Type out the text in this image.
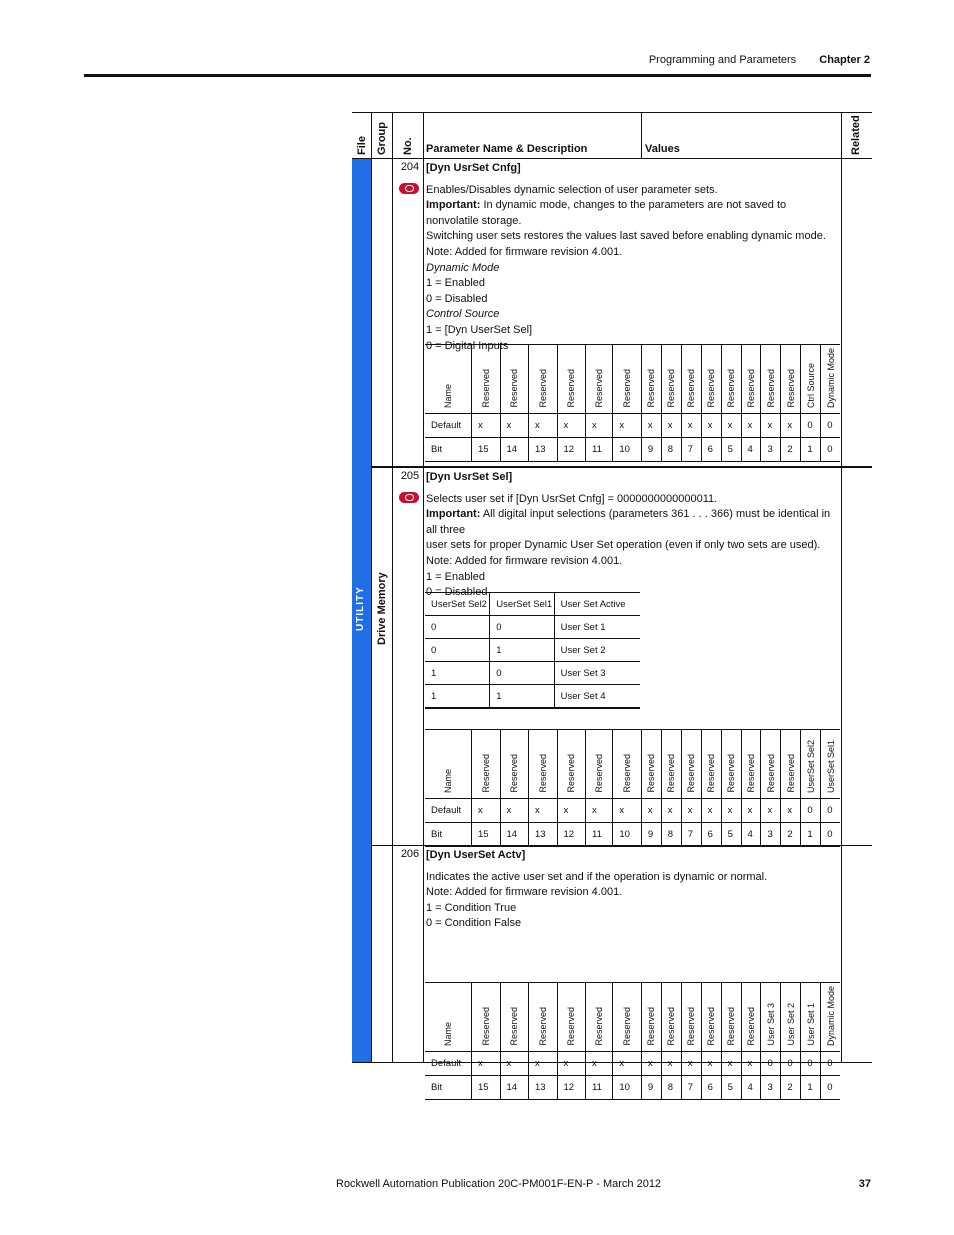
Programming and Parameters Chapter 2
File Group No. Parameter Name & Description	Values	Related
UTILITY Drive Memory
204 [Dyn UsrSet Cnfg]
Enables/Disables dynamic selection of user parameter sets.
Important: In dynamic mode, changes to the parameters are not saved to nonvolatile storage.
Switching user sets restores the values last saved before enabling dynamic mode.
Note: Added for firmware revision 4.001.
Dynamic Mode
1 = Enabled
0 = Disabled
Control Source
1 = [Dyn UserSet Sel]
0 = Digital Inputs
Name	Reserved	Reserved	Reserved	Reserved	Reserved	Reserved	Reserved	Reserved	Reserved	Reserved	Reserved	Reserved	Reserved	Reserved	Ctrl Source	Dynamic Mode

Default	x	x	x	x	x	x	x	x	x	x	x	x	x	x	0	0
Bit	15	14	13	12	11	10	9	8	7	6	5	4	3	2	1	0
205 [Dyn UsrSet Sel]
Selects user set if [Dyn UsrSet Cnfg] = 0000000000000011.
Important: All digital input selections (parameters 361 . . . 366) must be identical in all three
user sets for proper Dynamic User Set operation (even if only two sets are used).
Note: Added for firmware revision 4.001.
1 = Enabled
0 = Disabled
UserSet Sel2	UserSet Sel1	User Set Active
0	0	User Set 1
0	1	User Set 2
1	0	User Set 3
1	1	User Set 4
Name	Reserved	Reserved	Reserved	Reserved	Reserved	Reserved	Reserved	Reserved	Reserved	Reserved	Reserved	Reserved	Reserved	Reserved	UserSet Sel2	UserSet Sel1

Default	x	x	x	x	x	x	x	x	x	x	x	x	x	x	0	0
Bit	15	14	13	12	11	10	9	8	7	6	5	4	3	2	1	0
206 [Dyn UserSet Actv]
Indicates the active user set and if the operation is dynamic or normal.
Note: Added for firmware revision 4.001.
1 = Condition True
0 = Condition False
Name	Reserved	Reserved	Reserved	Reserved	Reserved	Reserved	Reserved	Reserved	Reserved	Reserved	Reserved	Reserved	User Set 3	User Set 2	User Set 1	Dynamic Mode

Default	x	x	x	x	x	x	x	x	x	x	x	x	0	0	0	0
Bit	15	14	13	12	11	10	9	8	7	6	5	4	3	2	1	0
Rockwell Automation Publication 20C-PM001F-EN-P - March 2012	37
